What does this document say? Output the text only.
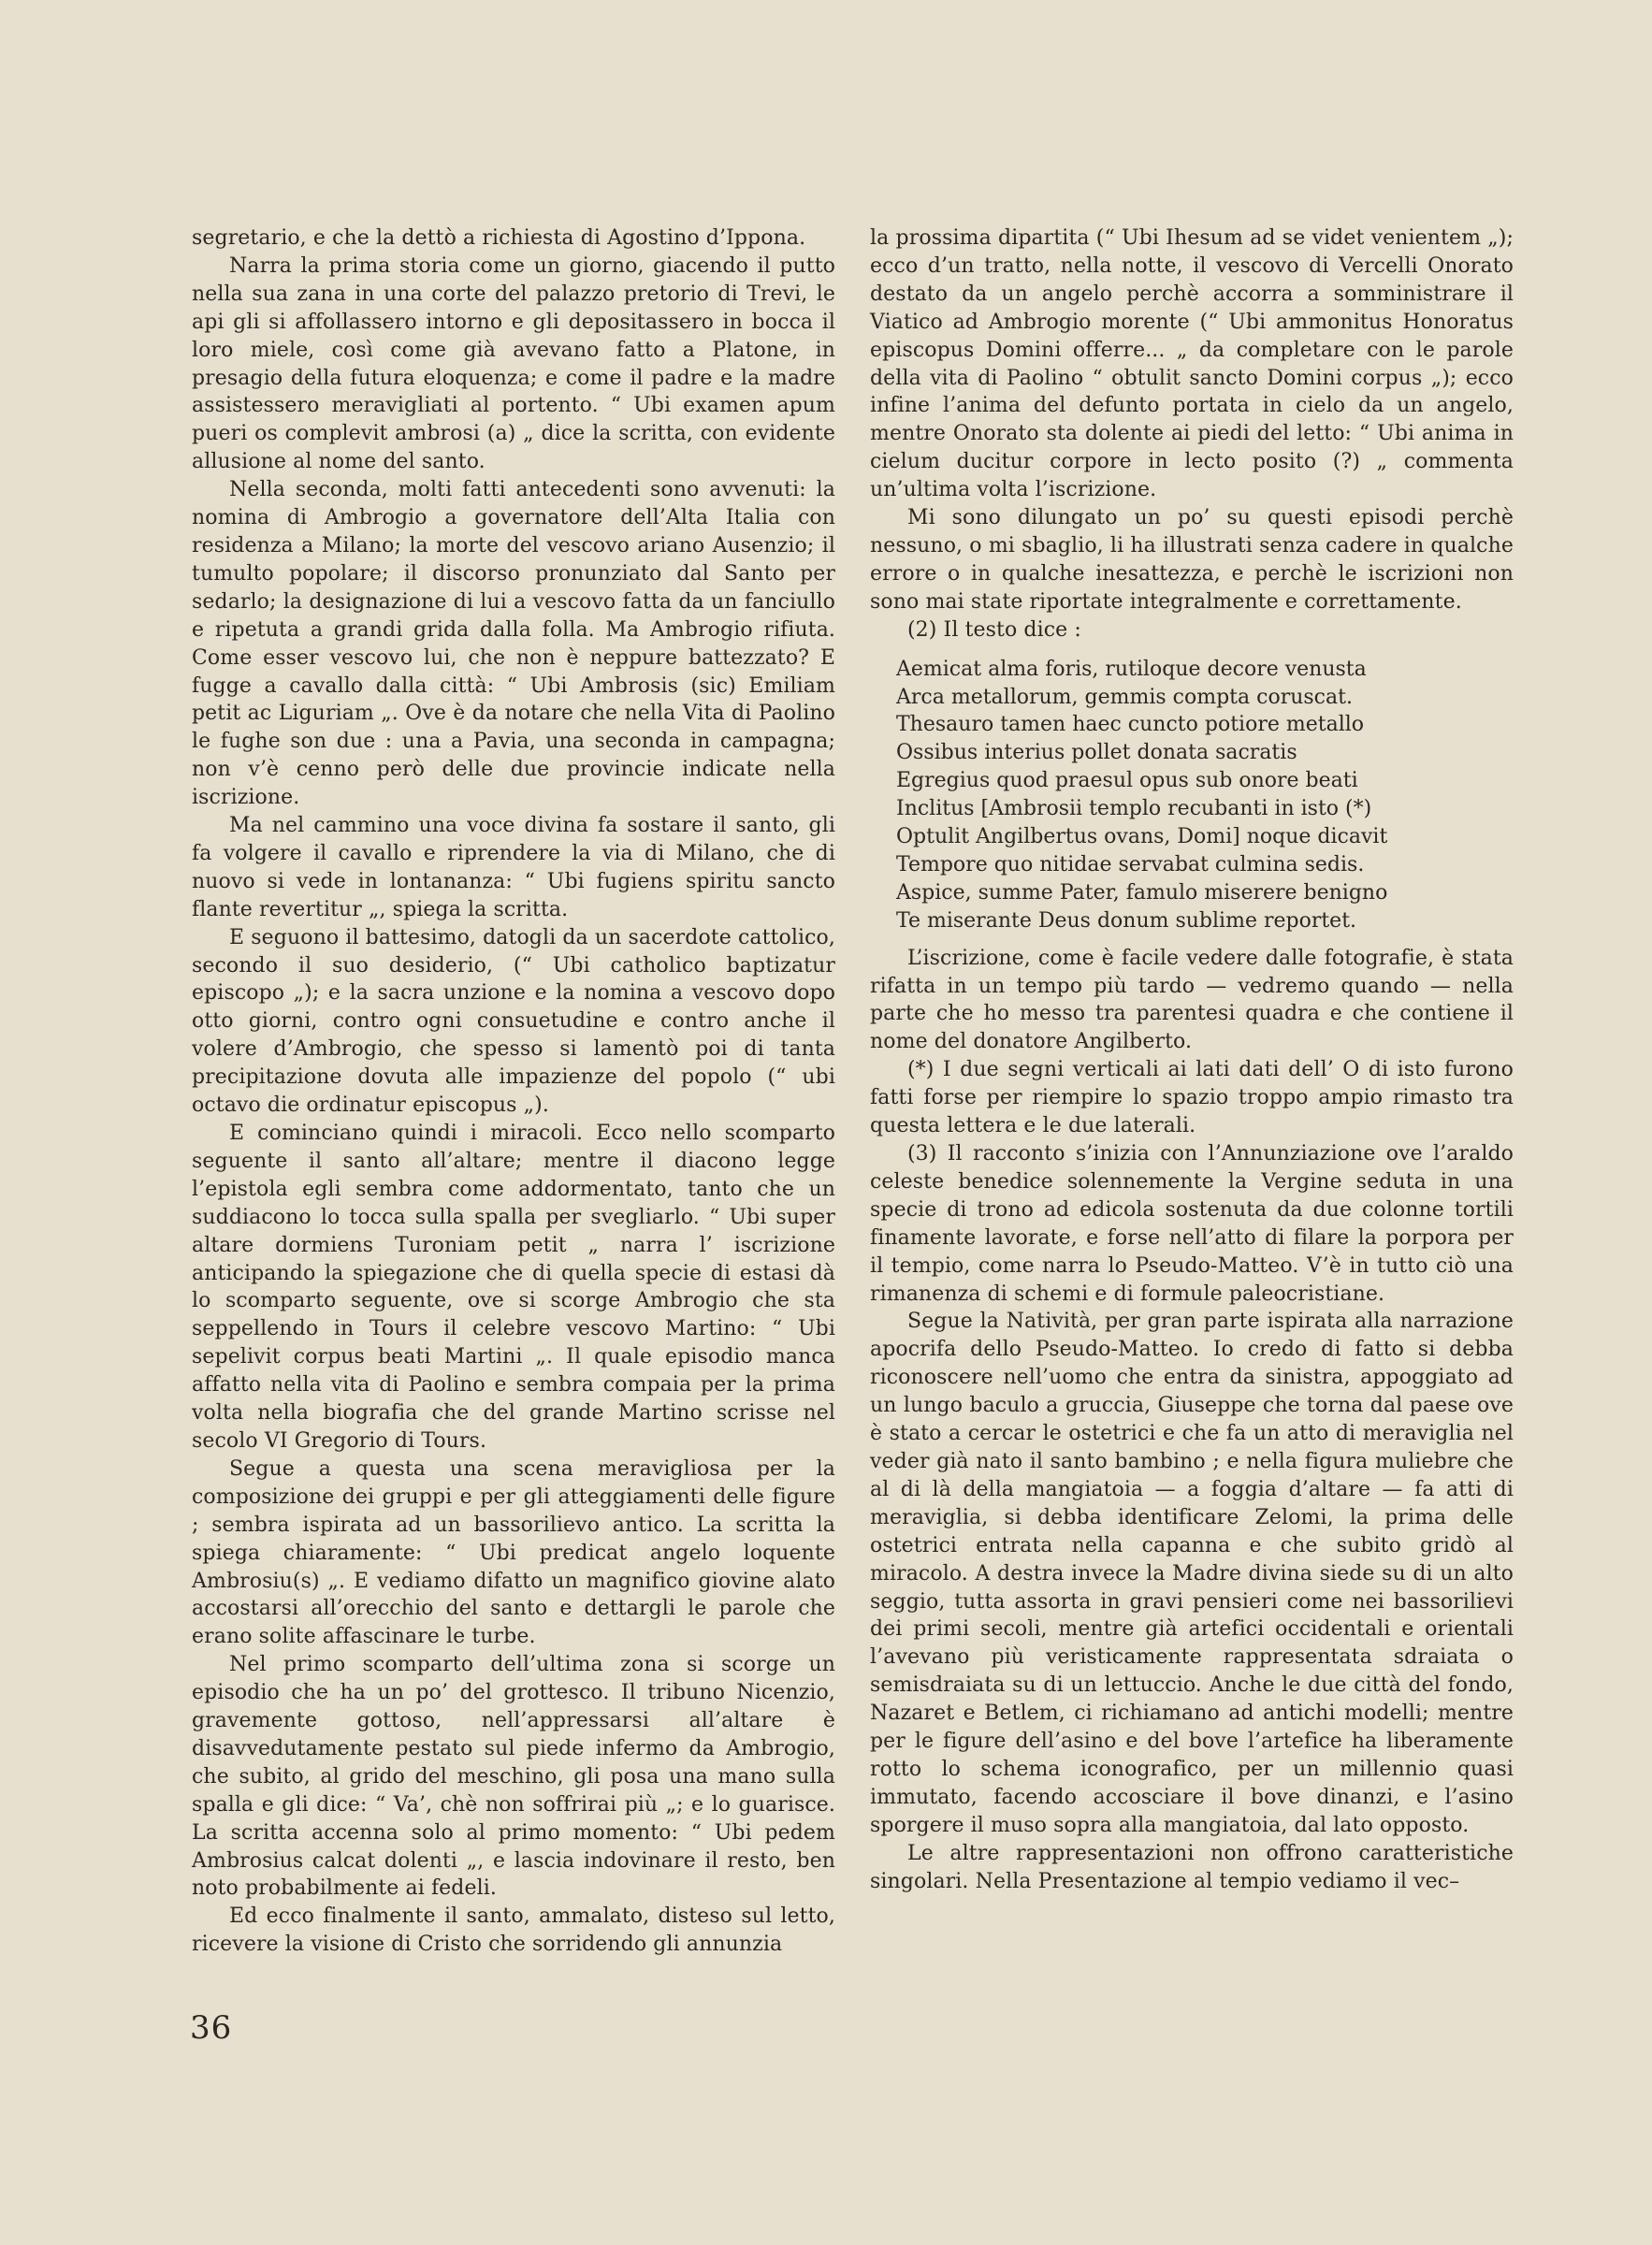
segretario, e che la dettò a richiesta di Agostino d’Ippona.

Narra la prima storia come un giorno, giacendo il putto nella sua zana in una corte del palazzo pretorio di Trevi, le api gli si affollassero intorno e gli depositassero in bocca il loro miele, così come già avevano fatto a Platone, in presagio della futura eloquenza; e come il padre e la madre assistessero meravigliati al portento. “ Ubi examen apum pueri os complevit ambrosi (a) „ dice la scritta, con evidente allusione al nome del santo.

Nella seconda, molti fatti antecedenti sono avvenuti: la nomina di Ambrogio a governatore dell’Alta Italia con residenza a Milano; la morte del vescovo ariano Ausenzio; il tumulto popolare; il discorso pronunziato dal Santo per sedarlo; la designazione di lui a vescovo fatta da un fanciullo e ripetuta a grandi grida dalla folla. Ma Ambrogio rifiuta. Come esser vescovo lui, che non è neppure battezzato? E fugge a cavallo dalla città: “ Ubi Ambrosis (sic) Emiliam petit ac Liguriam „. Ove è da notare che nella Vita di Paolino le fughe son due : una a Pavia, una seconda in campagna; non v’è cenno però delle due provincie indicate nella iscrizione.

Ma nel cammino una voce divina fa sostare il santo, gli fa volgere il cavallo e riprendere la via di Milano, che di nuovo si vede in lontananza: “ Ubi fugiens spiritu sancto flante revertitur „, spiega la scritta.

E seguono il battesimo, datogli da un sacerdote cattolico, secondo il suo desiderio, (“ Ubi catholico baptizatur episcopo „); e la sacra unzione e la nomina a vescovo dopo otto giorni, contro ogni consuetudine e contro anche il volere d’Ambrogio, che spesso si lamentò poi di tanta precipitazione dovuta alle impazienze del popolo (“ ubi octavo die ordinatur episcopus „).

E cominciano quindi i miracoli. Ecco nello scomparto seguente il santo all’altare; mentre il diacono legge l’epistola egli sembra come addormentato, tanto che un suddiacono lo tocca sulla spalla per svegliarlo. “ Ubi super altare dormiens Turoniam petit „ narra l’ iscrizione anticipando la spiegazione che di quella specie di estasi dà lo scomparto seguente, ove si scorge Ambrogio che sta seppellendo in Tours il celebre vescovo Martino: “ Ubi sepelivit corpus beati Martini „. Il quale episodio manca affatto nella vita di Paolino e sembra compaia per la prima volta nella biografia che del grande Martino scrisse nel secolo VI Gregorio di Tours.

Segue a questa una scena meravigliosa per la composizione dei gruppi e per gli atteggiamenti delle figure ; sembra ispirata ad un bassorilievo antico. La scritta la spiega chiaramente: “ Ubi predicat angelo loquente Ambrosiu(s) „. E vediamo difatto un magnifico giovine alato accostarsi all’orecchio del santo e dettargli le parole che erano solite affascinare le turbe.

Nel primo scomparto dell’ultima zona si scorge un episodio che ha un po’ del grottesco. Il tribuno Nicenzio, gravemente gottoso, nell’appressarsi all’altare è disavvedutamente pestato sul piede infermo da Ambrogio, che subito, al grido del meschino, gli posa una mano sulla spalla e gli dice: “ Va’, chè non soffrirai più „; e lo guarisce. La scritta accenna solo al primo momento: “ Ubi pedem Ambrosius calcat dolenti „, e lascia indovinare il resto, ben noto probabilmente ai fedeli.

Ed ecco finalmente il santo, ammalato, disteso sul letto, ricevere la visione di Cristo che sorridendo gli annunzia

la prossima dipartita (“ Ubi Ihesum ad se videt venientem „); ecco d’un tratto, nella notte, il vescovo di Vercelli Onorato destato da un angelo perchè accorra a somministrare il Viatico ad Ambrogio morente (“ Ubi ammonitus Honoratus episcopus Domini offerre... „ da completare con le parole della vita di Paolino “ obtulit sancto Domini corpus „); ecco infine l’anima del defunto portata in cielo da un angelo, mentre Onorato sta dolente ai piedi del letto: “ Ubi anima in cielum ducitur corpore in lecto posito (?) „ commenta un’ultima volta l’iscrizione.

Mi sono dilungato un po’ su questi episodi perchè nessuno, o mi sbaglio, li ha illustrati senza cadere in qualche errore o in qualche inesattezza, e perchè le iscrizioni non sono mai state riportate integralmente e correttamente.

(2) Il testo dice :

Aemicat alma foris, rutiloque decore venusta
Arca metallorum, gemmis compta coruscat.
Thesauro tamen haec cuncto potiore metallo
Ossibus interius pollet donata sacratis
Egregius quod praesul opus sub onore beati
Inclitus [Ambrosii templo recubanti in isto (*)
Optulit Angilbertus ovans, Domi] noque dicavit
Tempore quo nitidae servabat culmina sedis.
Aspice, summe Pater, famulo miserere benigno
Te miserante Deus donum sublime reportet.

L’iscrizione, come è facile vedere dalle fotografie, è stata rifatta in un tempo più tardo — vedremo quando — nella parte che ho messo tra parentesi quadra e che contiene il nome del donatore Angilberto.

(*) I due segni verticali ai lati dati dell’ O di isto furono fatti forse per riempire lo spazio troppo ampio rimasto tra questa lettera e le due laterali.

(3) Il racconto s’inizia con l’Annunziazione ove l’araldo celeste benedice solennemente la Vergine seduta in una specie di trono ad edicola sostenuta da due colonne tortili finamente lavorate, e forse nell’atto di filare la porpora per il tempio, come narra lo Pseudo-Matteo. V’è in tutto ciò una rimanenza di schemi e di formule paleocristiane.

Segue la Natività, per gran parte ispirata alla narrazione apocrifa dello Pseudo-Matteo. Io credo di fatto si debba riconoscere nell’uomo che entra da sinistra, appoggiato ad un lungo baculo a gruccia, Giuseppe che torna dal paese ove è stato a cercar le ostetrici e che fa un atto di meraviglia nel veder già nato il santo bambino ; e nella figura muliebre che al di là della mangiatoia — a foggia d’altare — fa atti di meraviglia, si debba identificare Zelomi, la prima delle ostetrici entrata nella capanna e che subito gridò al miracolo. A destra invece la Madre divina siede su di un alto seggio, tutta assorta in gravi pensieri come nei bassorilievi dei primi secoli, mentre già artefici occidentali e orientali l’avevano più veristicamente rappresentata sdraiata o semisdraiata su di un lettuccio. Anche le due città del fondo, Nazaret e Betlem, ci richiamano ad antichi modelli; mentre per le figure dell’asino e del bove l’artefice ha liberamente rotto lo schema iconografico, per un millennio quasi immutato, facendo accosciare il bove dinanzi, e l’asino sporgere il muso sopra alla mangiatoia, dal lato opposto.

Le altre rappresentazioni non offrono caratteristiche singolari. Nella Presentazione al tempio vediamo il vec–

36
